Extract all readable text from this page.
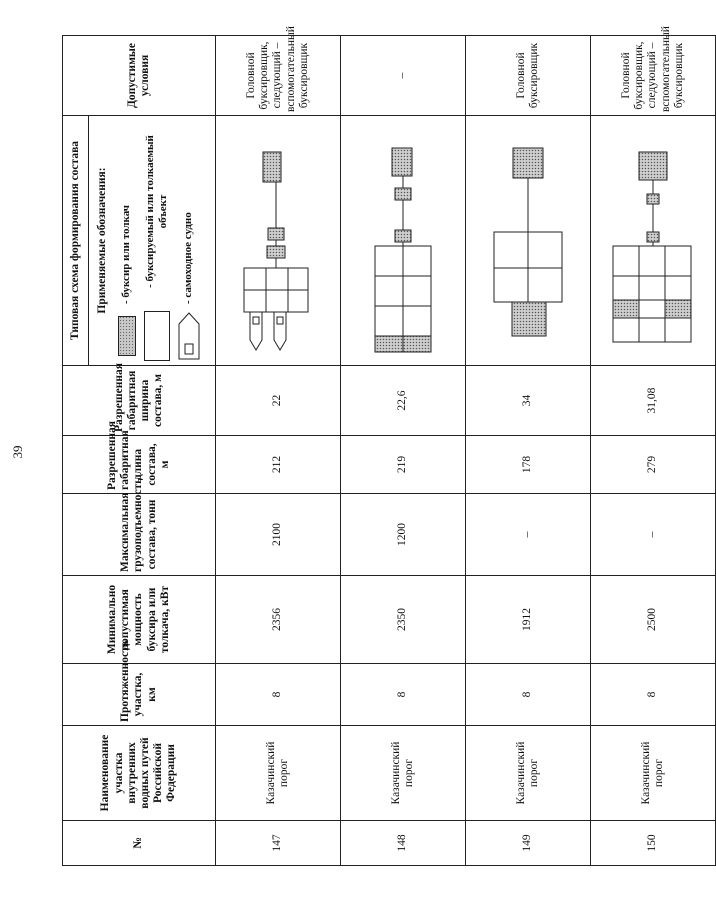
39
№	Наименование участка внутренних водных путей Российской Федерации	Протяженность участка, км	Минимально допустимая мощность буксира или толкача, кВт	Максимальная грузоподъемность состава, тонн	Разрешенная габаритная длина состава, м	Разрешенная габаритная ширина состава, м	Типовая схема формирования состава	Допустимые условия

							Применяемые обозначения: - буксир или толкач - буксируемый или толкаемый объект
- самоходное судно	

147	Казачинский порог	8	2356	2100	212	22		Головной буксировщик, следующий – вспомогательный буксировщик
148	Казачинский порог	8	2350	1200	219	22,6		–
149	Казачинский порог	8	1912	–	178	34		Головной буксировщик
150	Казачинский порог	8	2500	–	279	31,08		Головной буксировщик, следующий – вспомогательный буксировщик
